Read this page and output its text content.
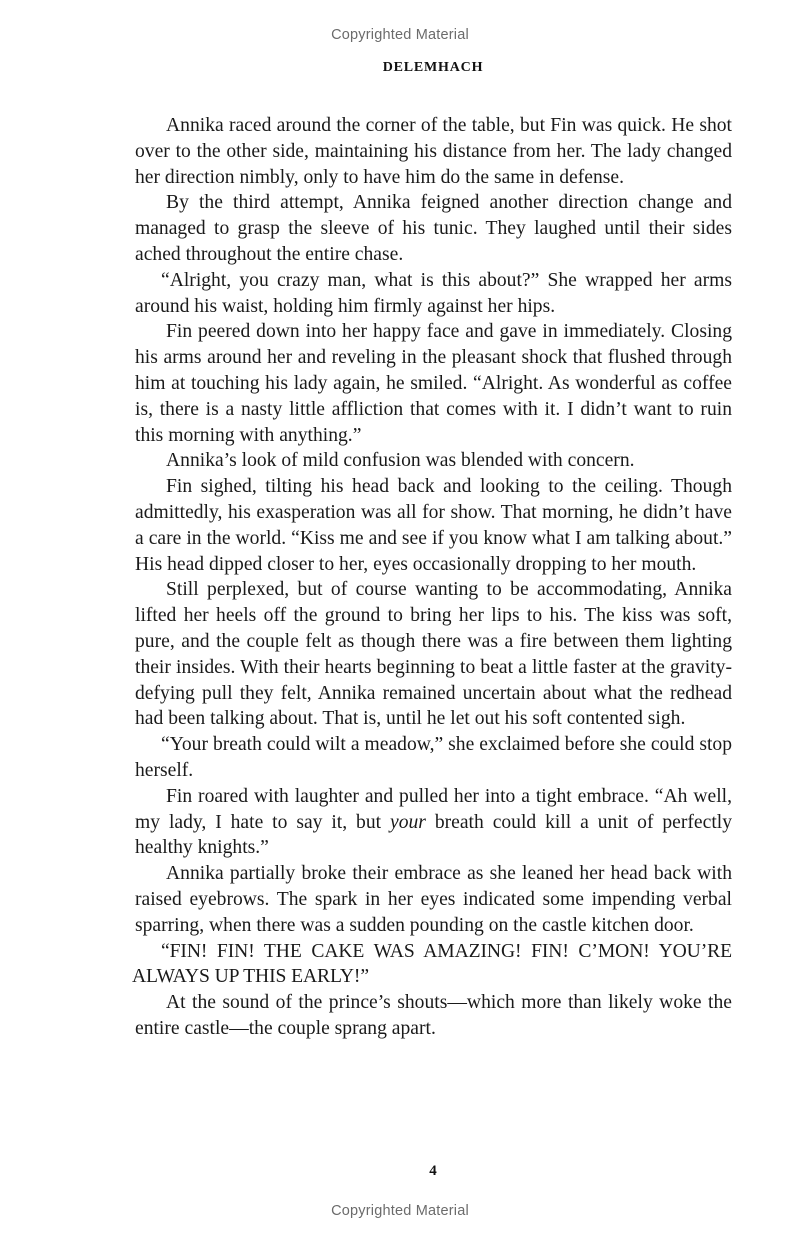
Copyrighted Material
DELEMHACH

Annika raced around the corner of the table, but Fin was quick. He shot over to the other side, maintaining his distance from her. The lady changed her direction nimbly, only to have him do the same in defense.

By the third attempt, Annika feigned another direction change and managed to grasp the sleeve of his tunic. They laughed until their sides ached throughout the entire chase.

“Alright, you crazy man, what is this about?” She wrapped her arms around his waist, holding him firmly against her hips.

Fin peered down into her happy face and gave in immediately. Closing his arms around her and reveling in the pleasant shock that flushed through him at touching his lady again, he smiled. “Alright. As wonderful as coffee is, there is a nasty little affliction that comes with it. I didn’t want to ruin this morning with anything.”

Annika’s look of mild confusion was blended with concern.

Fin sighed, tilting his head back and looking to the ceiling. Though admittedly, his exasperation was all for show. That morning, he didn’t have a care in the world. “Kiss me and see if you know what I am talking about.” His head dipped closer to her, eyes occasionally dropping to her mouth.

Still perplexed, but of course wanting to be accommodating, Annika lifted her heels off the ground to bring her lips to his. The kiss was soft, pure, and the couple felt as though there was a fire between them lighting their insides. With their hearts beginning to beat a little faster at the gravity-defying pull they felt, Annika remained uncertain about what the redhead had been talking about. That is, until he let out his soft contented sigh.

“Your breath could wilt a meadow,” she exclaimed before she could stop herself.

Fin roared with laughter and pulled her into a tight embrace. “Ah well, my lady, I hate to say it, but your breath could kill a unit of perfectly healthy knights.”

Annika partially broke their embrace as she leaned her head back with raised eyebrows. The spark in her eyes indicated some impending verbal sparring, when there was a sudden pounding on the castle kitchen door.

“FIN! FIN! THE CAKE WAS AMAZING! FIN! C’MON! YOU’RE ALWAYS UP THIS EARLY!”

At the sound of the prince’s shouts—which more than likely woke the entire castle—the couple sprang apart.

4
Copyrighted Material
